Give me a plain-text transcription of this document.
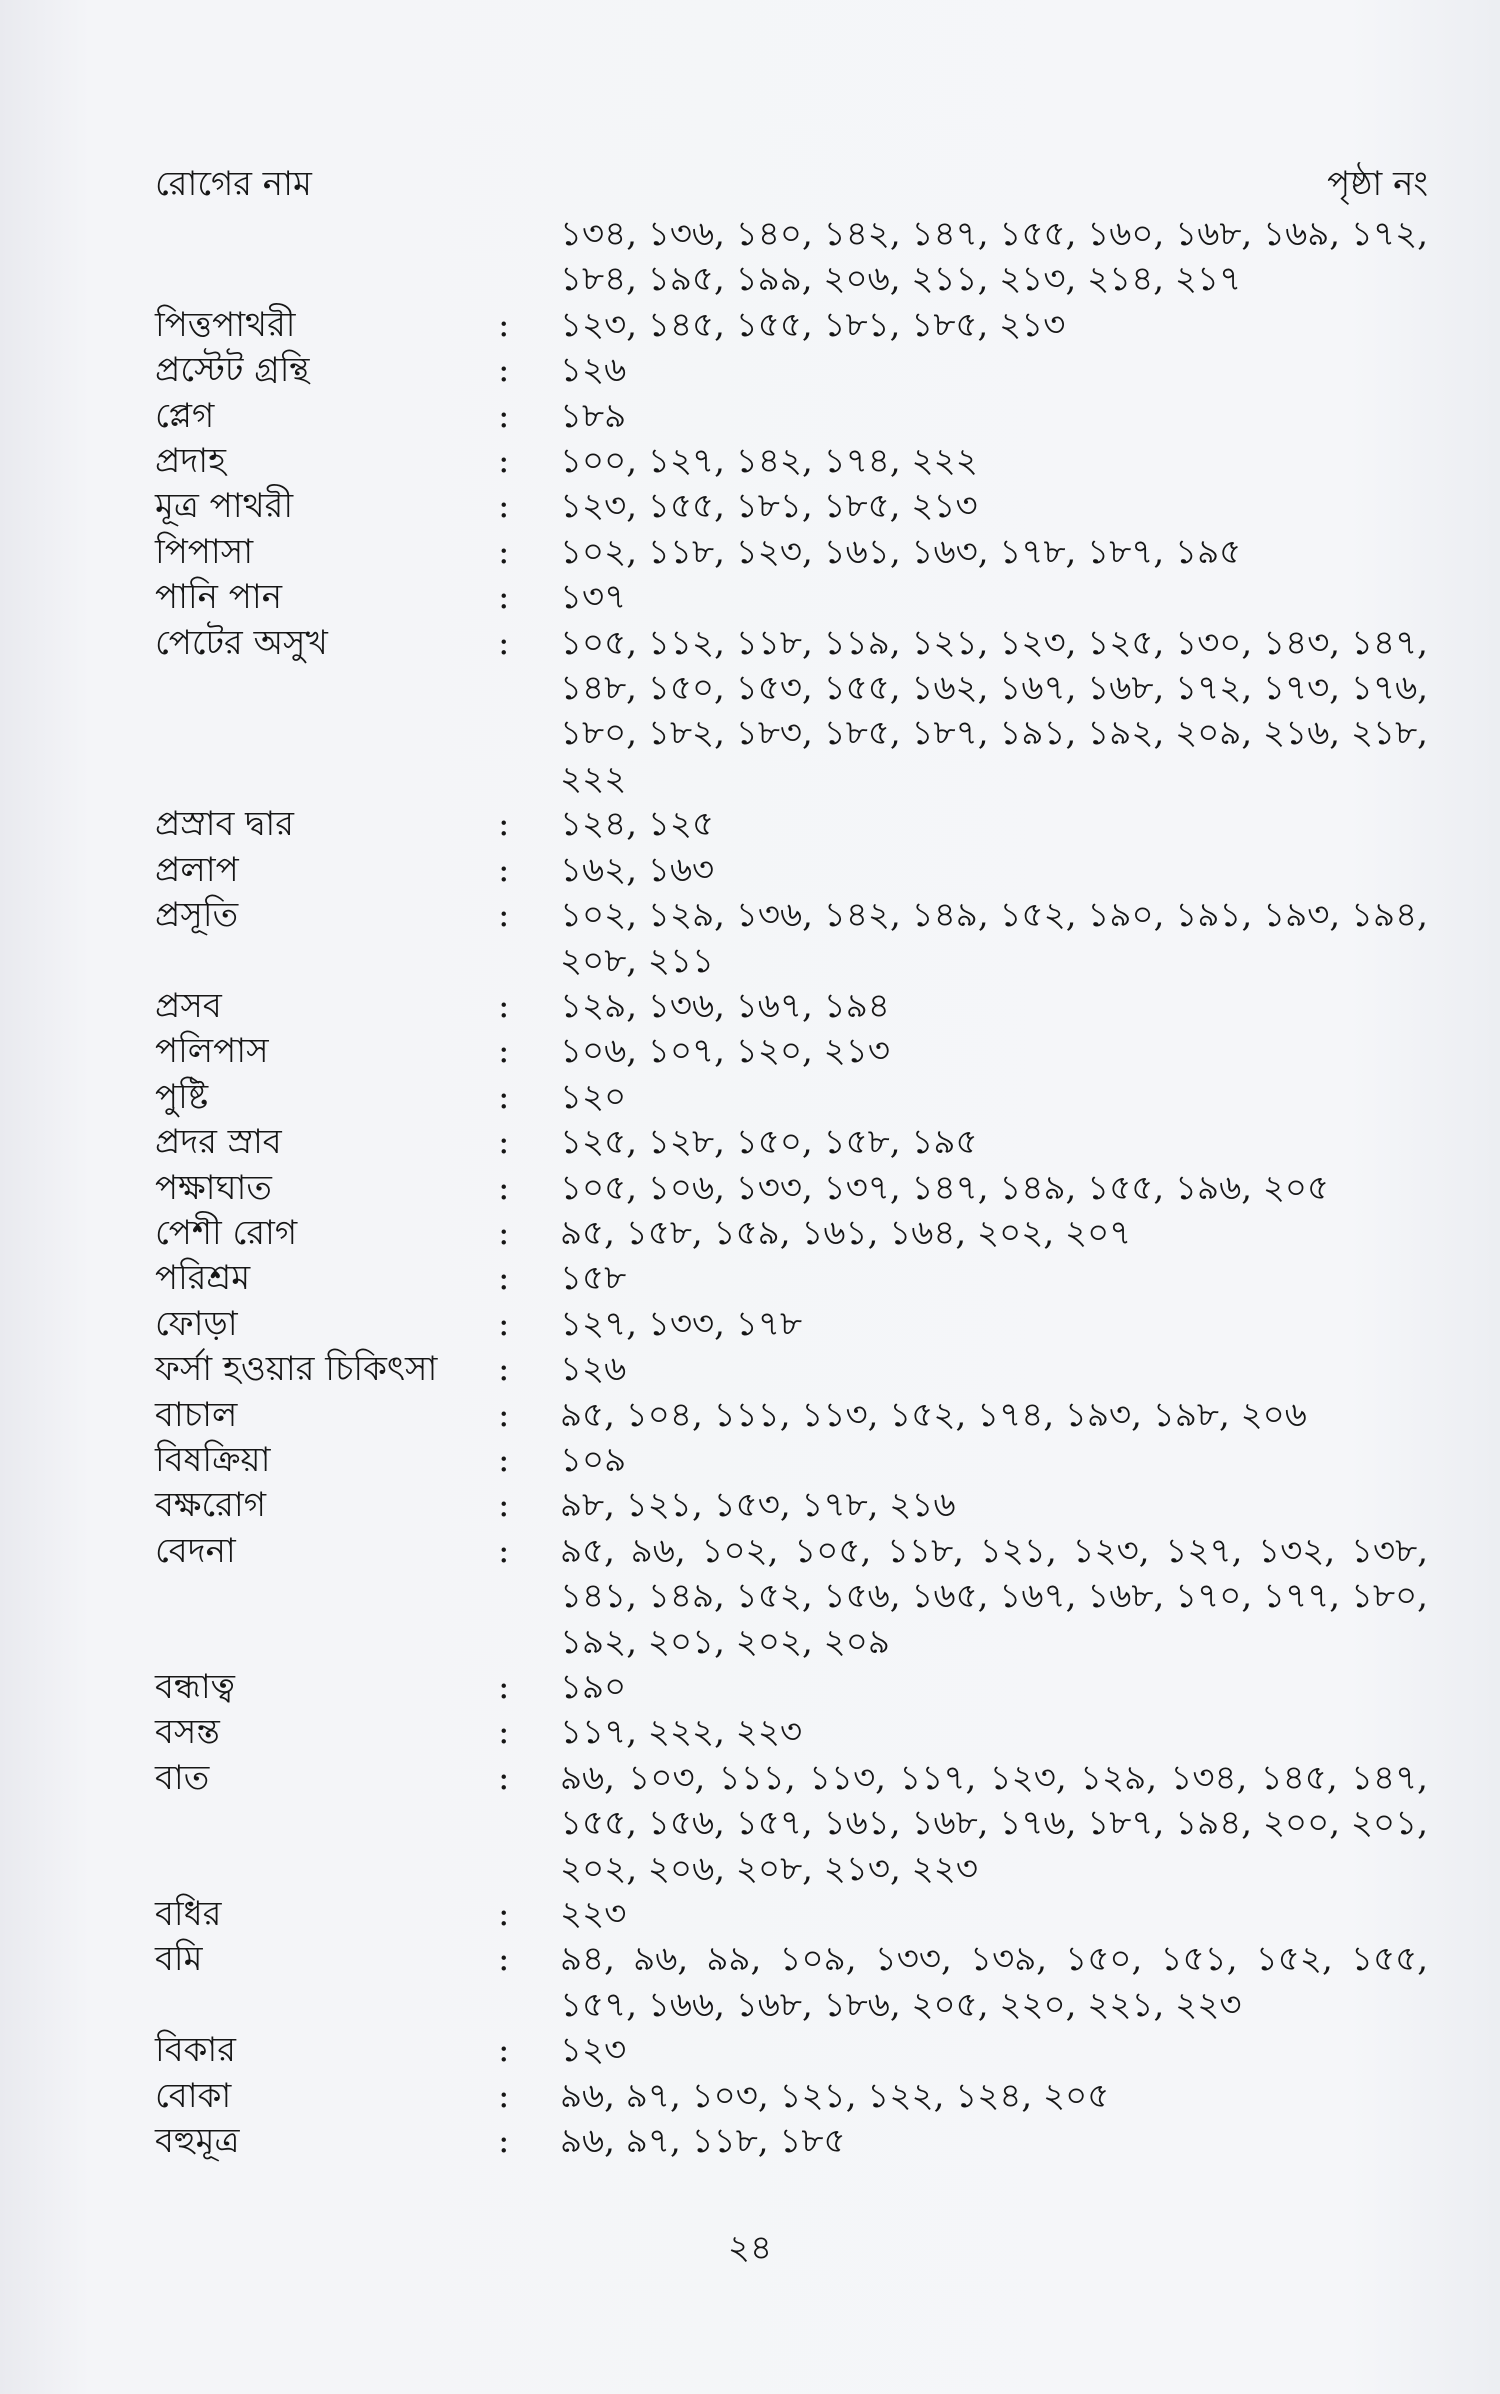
রোগের নাম	পৃষ্ঠা নং
১৩৪, ১৩৬, ১৪০, ১৪২, ১৪৭, ১৫৫, ১৬০, ১৬৮, ১৬৯, ১৭২, ১৮৪, ১৯৫, ১৯৯, ২০৬, ২১১, ২১৩, ২১৪, ২১৭
পিত্তপাথরী	: ১২৩, ১৪৫, ১৫৫, ১৮১, ১৮৫, ২১৩
প্রস্টেট গ্রন্থি	: ১২৬
প্লেগ	: ১৮৯
প্রদাহ	: ১০০, ১২৭, ১৪২, ১৭৪, ২২২
মূত্র পাথরী	: ১২৩, ১৫৫, ১৮১, ১৮৫, ২১৩
পিপাসা	: ১০২, ১১৮, ১২৩, ১৬১, ১৬৩, ১৭৮, ১৮৭, ১৯৫
পানি পান	: ১৩৭
পেটের অসুখ	: ১০৫, ১১২, ১১৮, ১১৯, ১২১, ১২৩, ১২৫, ১৩০, ১৪৩, ১৪৭, ১৪৮, ১৫০, ১৫৩, ১৫৫, ১৬২, ১৬৭, ১৬৮, ১৭২, ১৭৩, ১৭৬, ১৮০, ১৮২, ১৮৩, ১৮৫, ১৮৭, ১৯১, ১৯২, ২০৯, ২১৬, ২১৮, ২২২
প্রস্রাব দ্বার	: ১২৪, ১২৫
প্রলাপ	: ১৬২, ১৬৩
প্রসূতি	: ১০২, ১২৯, ১৩৬, ১৪২, ১৪৯, ১৫২, ১৯০, ১৯১, ১৯৩, ১৯৪, ২০৮, ২১১
প্রসব	: ১২৯, ১৩৬, ১৬৭, ১৯৪
পলিপাস	: ১০৬, ১০৭, ১২০, ২১৩
পুষ্টি	: ১২০
প্রদর স্রাব	: ১২৫, ১২৮, ১৫০, ১৫৮, ১৯৫
পক্ষাঘাত	: ১০৫, ১০৬, ১৩৩, ১৩৭, ১৪৭, ১৪৯, ১৫৫, ১৯৬, ২০৫
পেশী রোগ	: ৯৫, ১৫৮, ১৫৯, ১৬১, ১৬৪, ২০২, ২০৭
পরিশ্রম	: ১৫৮
ফোড়া	: ১২৭, ১৩৩, ১৭৮
ফর্সা হওয়ার চিকিৎসা : ১২৬
বাচাল	: ৯৫, ১০৪, ১১১, ১১৩, ১৫২, ১৭৪, ১৯৩, ১৯৮, ২০৬
বিষক্রিয়া	: ১০৯
বক্ষরোগ	: ৯৮, ১২১, ১৫৩, ১৭৮, ২১৬
বেদনা	: ৯৫, ৯৬, ১০২, ১০৫, ১১৮, ১২১, ১২৩, ১২৭, ১৩২, ১৩৮, ১৪১, ১৪৯, ১৫২, ১৫৬, ১৬৫, ১৬৭, ১৬৮, ১৭০, ১৭৭, ১৮০, ১৯২, ২০১, ২০২, ২০৯
বন্ধাত্ব	: ১৯০
বসন্ত	: ১১৭, ২২২, ২২৩
বাত	: ৯৬, ১০৩, ১১১, ১১৩, ১১৭, ১২৩, ১২৯, ১৩৪, ১৪৫, ১৪৭, ১৫৫, ১৫৬, ১৫৭, ১৬১, ১৬৮, ১৭৬, ১৮৭, ১৯৪, ২০০, ২০১, ২০২, ২০৬, ২০৮, ২১৩, ২২৩
বধির	: ২২৩
বমি	: ৯৪, ৯৬, ৯৯, ১০৯, ১৩৩, ১৩৯, ১৫০, ১৫১, ১৫২, ১৫৫, ১৫৭, ১৬৬, ১৬৮, ১৮৬, ২০৫, ২২০, ২২১, ২২৩
বিকার	: ১২৩
বোকা	: ৯৬, ৯৭, ১০৩, ১২১, ১২২, ১২৪, ২০৫
বহুমূত্র	: ৯৬, ৯৭, ১১৮, ১৮৫
২৪
